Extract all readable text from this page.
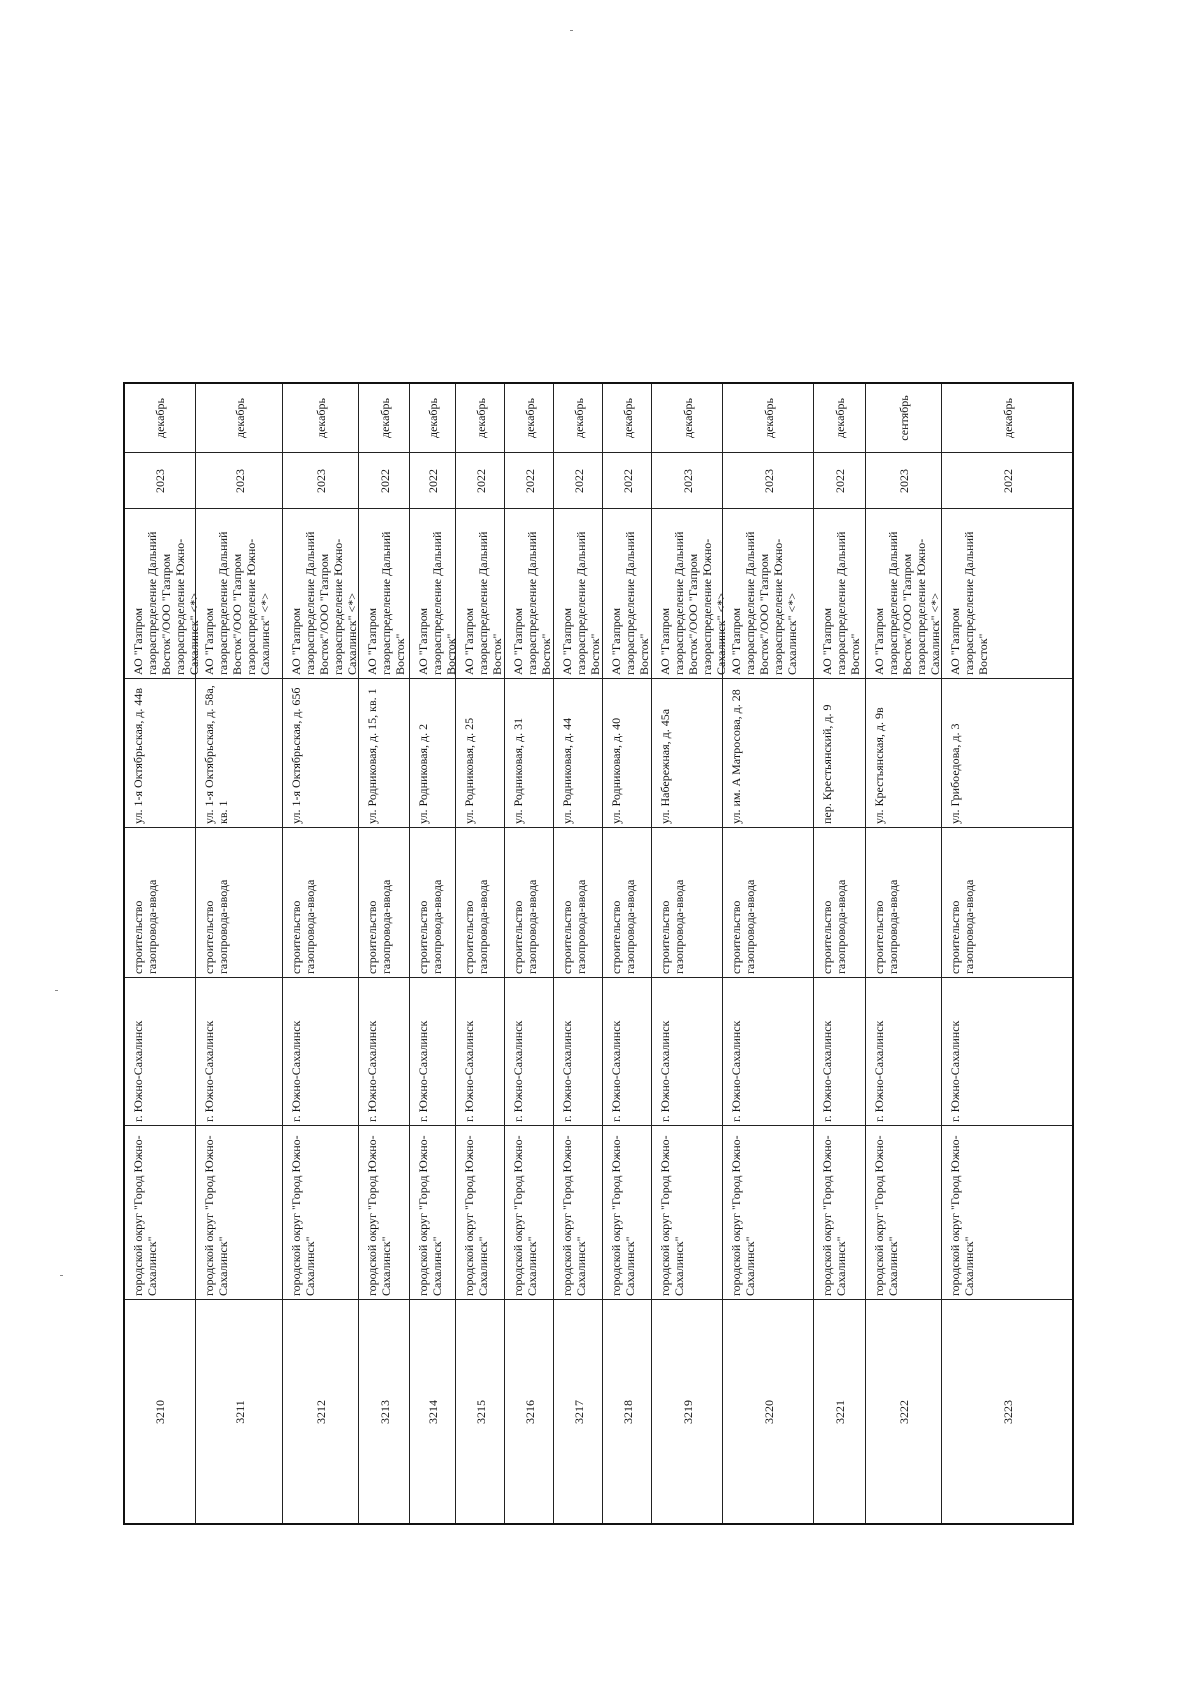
декабрь
2023
АО "Газпром газораспределение Дальний Восток"/ООО "Газпром газораспределение Южно-Сахалинск" <*>
ул. 1-я Октябрьская, д. 44в
строительство газопровода-ввода
г. Южно-Сахалинск
городской округ "Город Южно-Сахалинск"
3210
декабрь
2023
АО "Газпром газораспределение Дальний Восток"/ООО "Газпром газораспределение Южно-Сахалинск" <*>
ул. 1-я Октябрьская, д. 58а, кв. 1
строительство газопровода-ввода
г. Южно-Сахалинск
городской округ "Город Южно-Сахалинск"
3211
декабрь
2023
АО "Газпром газораспределение Дальний Восток"/ООО "Газпром газораспределение Южно-Сахалинск" <*>
ул. 1-я Октябрьская, д. 65б
строительство газопровода-ввода
г. Южно-Сахалинск
городской округ "Город Южно-Сахалинск"
3212
декабрь
2022
АО "Газпром газораспределение Дальний Восток"
ул. Родниковая, д. 15, кв. 1
строительство газопровода-ввода
г. Южно-Сахалинск
городской округ "Город Южно-Сахалинск"
3213
декабрь
2022
АО "Газпром газораспределение Дальний Восток"
ул. Родниковая, д. 2
строительство газопровода-ввода
г. Южно-Сахалинск
городской округ "Город Южно-Сахалинск"
3214
декабрь
2022
АО "Газпром газораспределение Дальний Восток"
ул. Родниковая, д. 25
строительство газопровода-ввода
г. Южно-Сахалинск
городской округ "Город Южно-Сахалинск"
3215
декабрь
2022
АО "Газпром газораспределение Дальний Восток"
ул. Родниковая, д. 31
строительство газопровода-ввода
г. Южно-Сахалинск
городской округ "Город Южно-Сахалинск"
3216
декабрь
2022
АО "Газпром газораспределение Дальний Восток"
ул. Родниковая, д. 44
строительство газопровода-ввода
г. Южно-Сахалинск
городской округ "Город Южно-Сахалинск"
3217
декабрь
2022
АО "Газпром газораспределение Дальний Восток"
ул. Родниковая, д. 40
строительство газопровода-ввода
г. Южно-Сахалинск
городской округ "Город Южно-Сахалинск"
3218
декабрь
2023
АО "Газпром газораспределение Дальний Восток"/ООО "Газпром газораспределение Южно-Сахалинск" <*>
ул. Набережная, д. 45а
строительство газопровода-ввода
г. Южно-Сахалинск
городской округ "Город Южно-Сахалинск"
3219
декабрь
2023
АО "Газпром газораспределение Дальний Восток"/ООО "Газпром газораспределение Южно-Сахалинск" <*>
ул. им. А Матросова, д. 28
строительство газопровода-ввода
г. Южно-Сахалинск
городской округ "Город Южно-Сахалинск"
3220
декабрь
2022
АО "Газпром газораспределение Дальний Восток"
пер. Крестьянский, д. 9
строительство газопровода-ввода
г. Южно-Сахалинск
городской округ "Город Южно-Сахалинск"
3221
сентябрь
2023
АО "Газпром газораспределение Дальний Восток"/ООО "Газпром газораспределение Южно-Сахалинск" <*>
ул. Крестьянская, д. 9в
строительство газопровода-ввода
г. Южно-Сахалинск
городской округ "Город Южно-Сахалинск"
3222
декабрь
2022
АО "Газпром газораспределение Дальний Восток"
ул. Грибоедова, д. 3
строительство газопровода-ввода
г. Южно-Сахалинск
городской округ "Город Южно-Сахалинск"
3223
